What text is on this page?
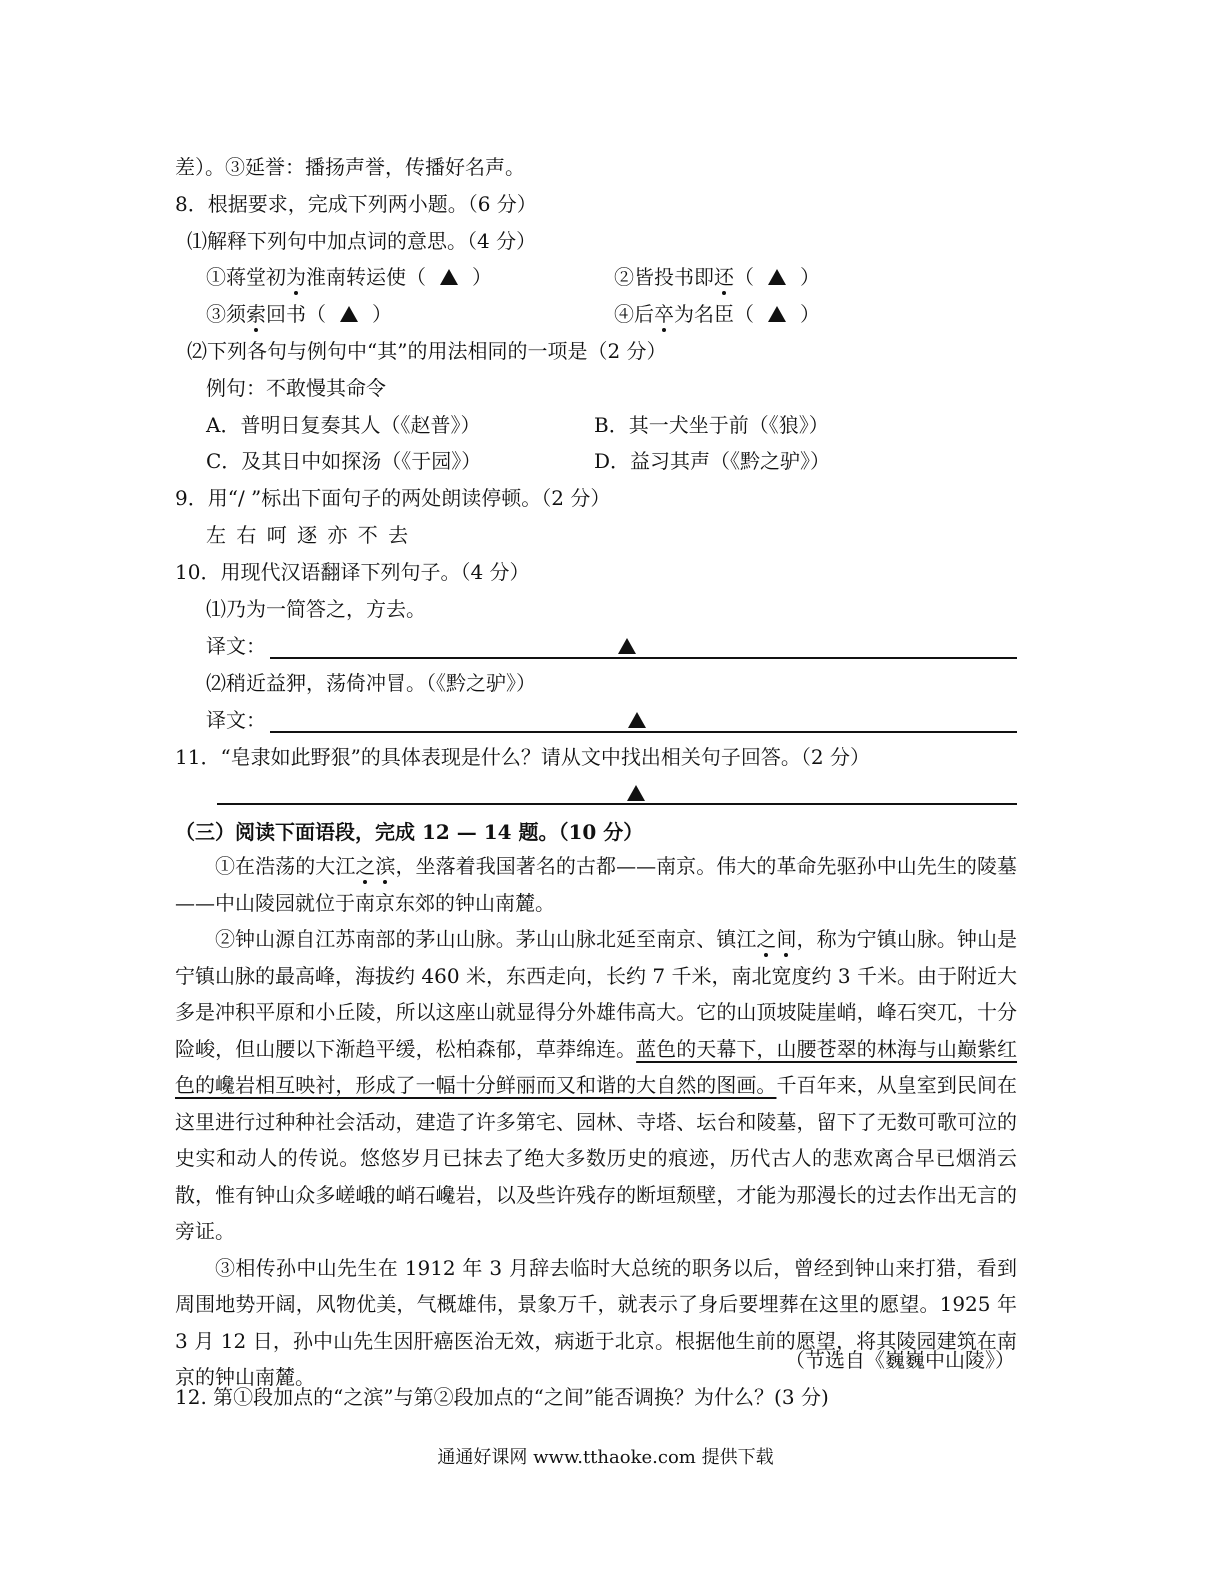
差）。③延誉：播扬声誉，传播好名声。
8．根据要求，完成下列两小题。（6 分）
⑴解释下列句中加点词的意思。（4 分）
①蒋堂初为淮南转运使（ ）	②皆投书即还（ ）
③须索回书（ ）	④后卒为名臣（ ）
⑵下列各句与例句中“其”的用法相同的一项是（2 分）
例句：不敢慢其命令
A．普明日复奏其人（《赵普》）	B．其一犬坐于前（《狼》）
C．及其日中如探汤（《于园》）	D．益习其声（《黔之驴》）
9．用“/ ”标出下面句子的两处朗读停顿。（2 分）
左 右 呵 逐 亦 不 去
10．用现代汉语翻译下列句子。（4 分）
⑴乃为一简答之，方去。
译文：
⑵稍近益狎，荡倚冲冒。（《黔之驴》）
译文：
11．“皂隶如此野狠”的具体表现是什么？请从文中找出相关句子回答。（2 分）
（三）阅读下面语段，完成 12 — 14 题。（10 分）

①在浩荡的大江之滨，坐落着我国著名的古都——南京。伟大的革命先驱孙中山先生的陵墓——中山陵园就位于南京东郊的钟山南麓。

②钟山源自江苏南部的茅山山脉。茅山山脉北延至南京、镇江之间，称为宁镇山脉。钟山是宁镇山脉的最高峰，海拔约 460 米，东西走向，长约 7 千米，南北宽度约 3 千米。由于附近大多是冲积平原和小丘陵，所以这座山就显得分外雄伟高大。它的山顶坡陡崖峭，峰石突兀，十分险峻，但山腰以下渐趋平缓，松柏森郁，草莽绵连。蓝色的天幕下，山腰苍翠的林海与山巅紫红色的巉岩相互映衬，形成了一幅十分鲜丽而又和谐的大自然的图画。千百年来，从皇室到民间在这里进行过种种社会活动，建造了许多第宅、园林、寺塔、坛台和陵墓，留下了无数可歌可泣的史实和动人的传说。悠悠岁月已抹去了绝大多数历史的痕迹，历代古人的悲欢离合早已烟消云散，惟有钟山众多嵯峨的峭石巉岩，以及些许残存的断垣颓壁，才能为那漫长的过去作出无言的旁证。

③相传孙中山先生在 1912 年 3 月辞去临时大总统的职务以后，曾经到钟山来打猎，看到周围地势开阔，风物优美，气概雄伟，景象万千，就表示了身后要埋葬在这里的愿望。1925 年 3 月 12 日，孙中山先生因肝癌医治无效，病逝于北京。根据他生前的愿望，将其陵园建筑在南京的钟山南麓。

（节选自《巍巍中山陵》）
12. 第①段加点的“之滨”与第②段加点的“之间”能否调换？为什么？(3 分)
通通好课网 www.tthaoke.com 提供下载
